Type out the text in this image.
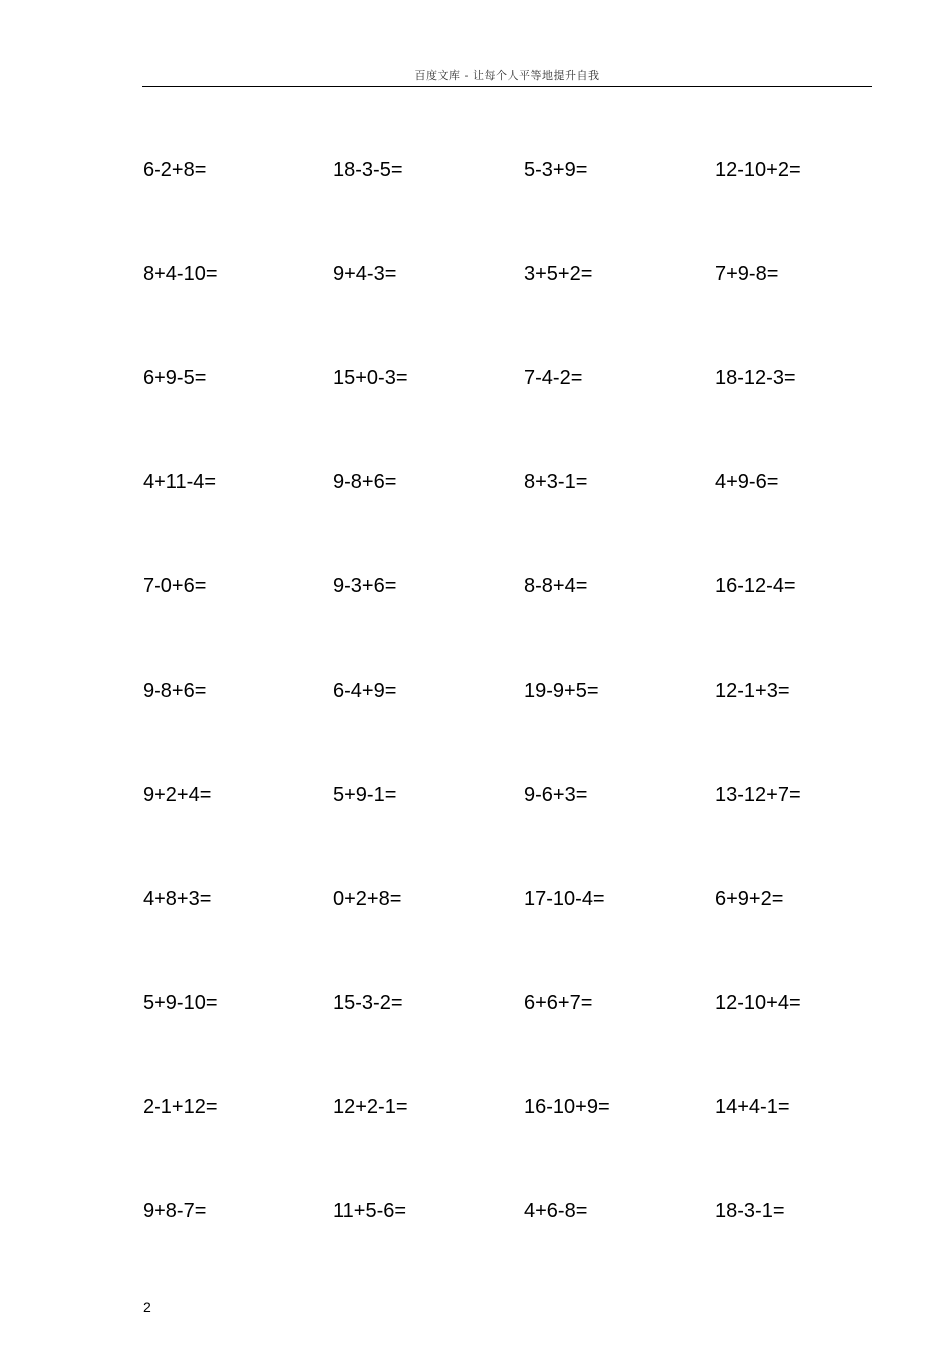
百度文库 - 让每个人平等地提升自我
6-2+8=	18-3-5=	5-3+9=	12-10+2=
8+4-10=	9+4-3=	3+5+2=	7+9-8=
6+9-5=	15+0-3=	7-4-2=	18-12-3=
4+11-4=	9-8+6=	8+3-1=	4+9-6=
7-0+6=	9-3+6=	8-8+4=	16-12-4=
9-8+6=	6-4+9=	19-9+5=	12-1+3=
9+2+4=	5+9-1=	9-6+3=	13-12+7=
4+8+3=	0+2+8=	17-10-4=	6+9+2=
5+9-10=	15-3-2=	6+6+7=	12-10+4=
2-1+12=	12+2-1=	16-10+9=	14+4-1=
9+8-7=	11+5-6=	4+6-8=	18-3-1=
2
